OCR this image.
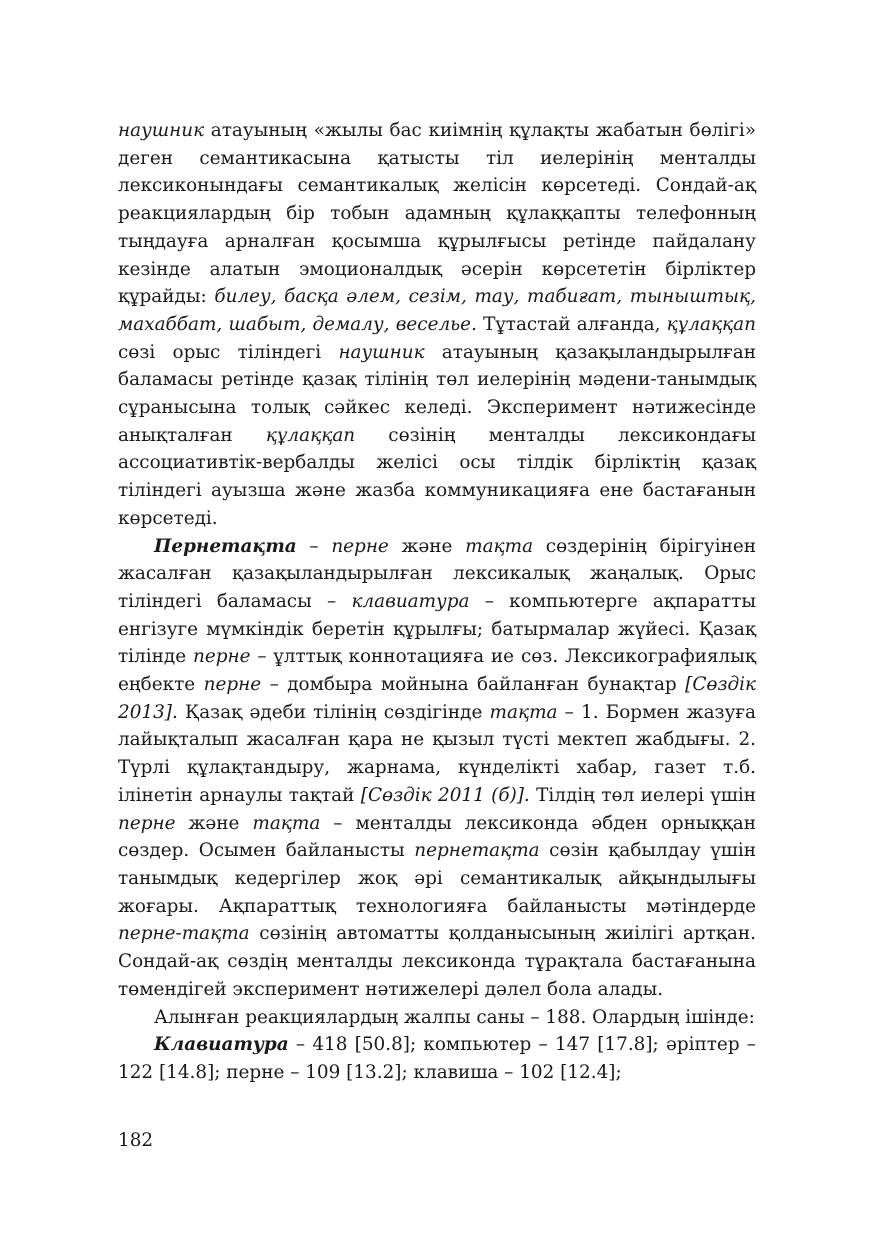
наушник атауының «жылы бас киімнің құлақты жабатын бөлігі» деген семантикасына қатысты тіл иелерінің менталды лексиконындағы семантикалық желісін көрсетеді. Сондай-ақ реакциялардың бір тобын адамның құлаққапты телефонның тыңдауға арналған қосымша құрылғысы ретінде пайдалану кезінде алатын эмоционалдық әсерін көрсететін бірліктер құрайды: билеу, басқа әлем, сезім, тау, табиғат, тыныштық, махаббат, шабыт, демалу, веселье. Тұтастай алғанда, құлаққап сөзі орыс тіліндегі наушник атауының қазақыландырылған баламасы ретінде қазақ тілінің төл иелерінің мәдени-танымдық сұранысына толық сәйкес келеді. Эксперимент нәтижесінде анықталған құлаққап сөзінің менталды лексикондағы ассоциативтік-вербалды желісі осы тілдік бірліктің қазақ тіліндегі ауызша және жазба коммуникацияға ене бастағанын көрсетеді.

Пернетақта – перне және тақта сөздерінің бірігуінен жасалған қазақыландырылған лексикалық жаңалық. Орыс тіліндегі баламасы – клавиатура – компьютерге ақпаратты енгізуге мүмкіндік беретін құрылғы; батырмалар жүйесі. Қазақ тілінде перне – ұлттық коннотацияға ие сөз. Лексикографиялық еңбекте перне – домбыра мойнына байланған бунақтар [Сөздік 2013]. Қазақ әдеби тілінің сөздігінде тақта – 1. Бормен жазуға лайықталып жасалған қара не қызыл түсті мектеп жабдығы. 2. Түрлі құлақтандыру, жарнама, күнделікті хабар, газет т.б. ілінетін арнаулы тақтай [Сөздік 2011 (б)]. Тілдің төл иелері үшін перне және тақта – менталды лексиконда әбден орныққан сөздер. Осымен байланысты пернетақта сөзін қабылдау үшін танымдық кедергілер жоқ әрі семантикалық айқындылығы жоғары. Ақпараттық технологияға байланысты мәтіндерде перне-тақта сөзінің автоматты қолданысының жиілігі артқан. Сондай-ақ сөздің менталды лексиконда тұрақтала бастағанына төмендігей эксперимент нәтижелері дәлел бола алады.

Алынған реакциялардың жалпы саны – 188. Олардың ішінде:

Клавиатура – 418 [50.8]; компьютер – 147 [17.8]; әріптер – 122 [14.8]; перне – 109 [13.2]; клавиша – 102 [12.4];

182
